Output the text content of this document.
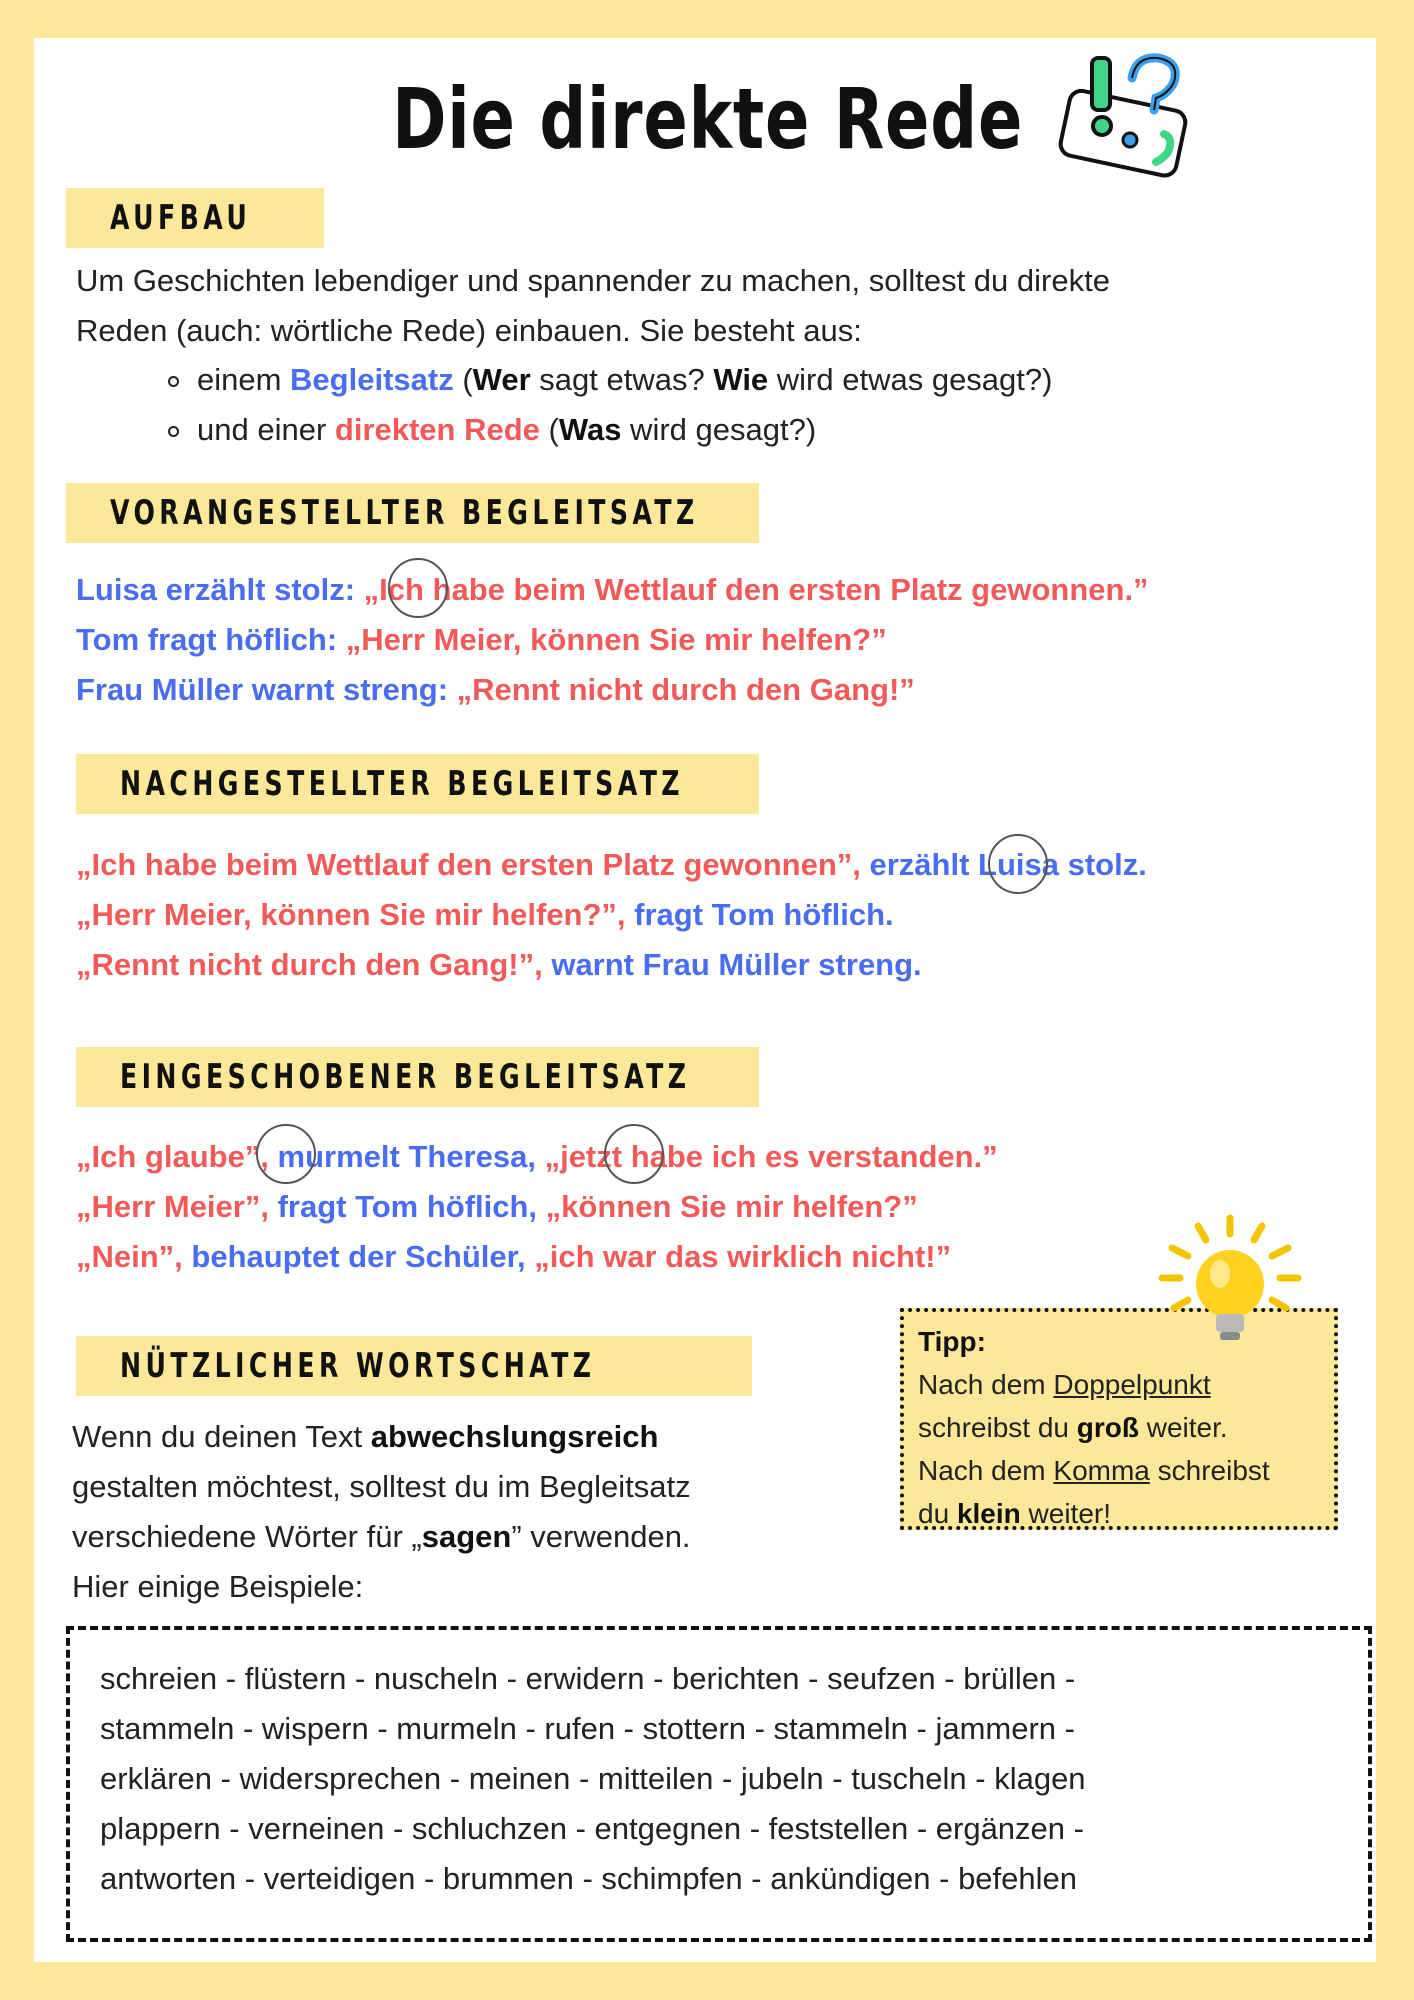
Die direkte Rede
AUFBAU
Um Geschichten lebendiger und spannender zu machen, solltest du direkte
Reden (auch: wörtliche Rede) einbauen. Sie besteht aus:
einem Begleitsatz (Wer sagt etwas? Wie wird etwas gesagt?)
und einer direkten Rede (Was wird gesagt?)
VORANGESTELLTER BEGLEITSATZ
Luisa erzählt stolz: „Ich habe beim Wettlauf den ersten Platz gewonnen.”
Tom fragt höflich: „Herr Meier, können Sie mir helfen?”
Frau Müller warnt streng: „Rennt nicht durch den Gang!”
NACHGESTELLTER BEGLEITSATZ
„Ich habe beim Wettlauf den ersten Platz gewonnen”, erzählt Luisa stolz.
„Herr Meier, können Sie mir helfen?”, fragt Tom höflich.
„Rennt nicht durch den Gang!”, warnt Frau Müller streng.
EINGESCHOBENER BEGLEITSATZ
„Ich glaube”, murmelt Theresa, „jetzt habe ich es verstanden.”
„Herr Meier”, fragt Tom höflich, „können Sie mir helfen?”
„Nein”, behauptet der Schüler, „ich war das wirklich nicht!”
Tipp:
Nach dem Doppelpunkt
schreibst du groß weiter.
Nach dem Komma schreibst
du klein weiter!
NÜTZLICHER WORTSCHATZ
Wenn du deinen Text abwechslungsreich
gestalten möchtest, solltest du im Begleitsatz
verschiedene Wörter für „sagen” verwenden.
Hier einige Beispiele:
schreien - flüstern - nuscheln - erwidern - berichten - seufzen - brüllen -
stammeln - wispern - murmeln - rufen - stottern - stammeln - jammern -
erklären - widersprechen - meinen - mitteilen - jubeln - tuscheln - klagen
plappern - verneinen - schluchzen - entgegnen - feststellen - ergänzen -
antworten - verteidigen - brummen - schimpfen - ankündigen - befehlen
